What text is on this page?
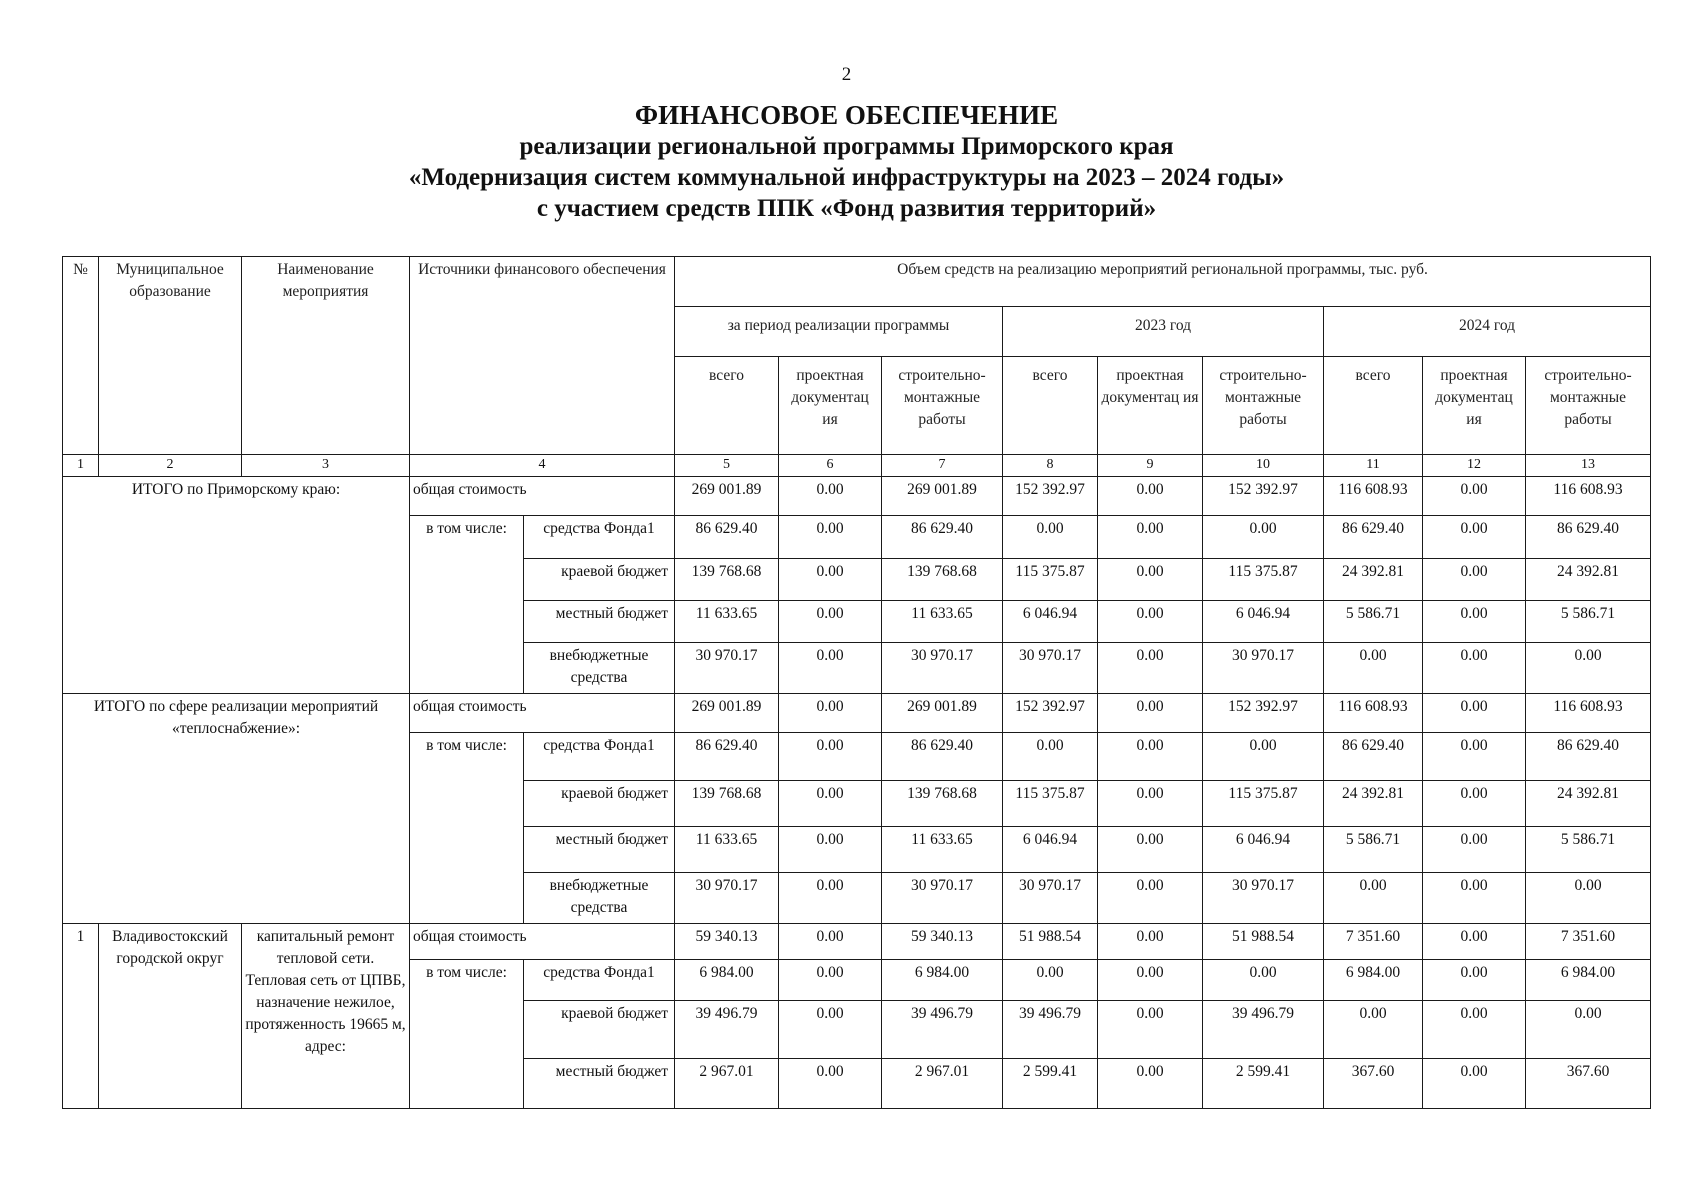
2
ФИНАНСОВОЕ ОБЕСПЕЧЕНИЕ
реализации региональной программы Приморского края
«Модернизация систем коммунальной инфраструктуры на 2023 – 2024 годы»
с участием средств ППК «Фонд развития территорий»
№	Муниципальное образование	Наименование мероприятия	Источники финансового обеспечения		Объем средств на реализацию мероприятий региональной программы, тыс. руб.								
					за период реализации программы			2023 год			2024 год		
					всего	проектная документац ия	строительно-монтажные работы	всего	проектная документац ия	строительно-монтажные работы	всего	проектная документац ия	строительно-монтажные работы
1	2	3	4		5	6	7	8	9	10	11	12	13
ИТОГО по Приморскому краю:			общая стоимость		269 001.89	0.00	269 001.89	152 392.97	0.00	152 392.97	116 608.93	0.00	116 608.93
			в том числе:	средства Фонда1	86 629.40	0.00	86 629.40	0.00	0.00	0.00	86 629.40	0.00	86 629.40
				краевой бюджет	139 768.68	0.00	139 768.68	115 375.87	0.00	115 375.87	24 392.81	0.00	24 392.81
				местный бюджет	11 633.65	0.00	11 633.65	6 046.94	0.00	6 046.94	5 586.71	0.00	5 586.71
				внебюджетные средства	30 970.17	0.00	30 970.17	30 970.17	0.00	30 970.17	0.00	0.00	0.00
ИТОГО по сфере реализации мероприятий «теплоснабжение»:			общая стоимость		269 001.89	0.00	269 001.89	152 392.97	0.00	152 392.97	116 608.93	0.00	116 608.93
			в том числе:	средства Фонда1	86 629.40	0.00	86 629.40	0.00	0.00	0.00	86 629.40	0.00	86 629.40
				краевой бюджет	139 768.68	0.00	139 768.68	115 375.87	0.00	115 375.87	24 392.81	0.00	24 392.81
				местный бюджет	11 633.65	0.00	11 633.65	6 046.94	0.00	6 046.94	5 586.71	0.00	5 586.71
				внебюджетные средства	30 970.17	0.00	30 970.17	30 970.17	0.00	30 970.17	0.00	0.00	0.00
1	Владивостокский городской округ	капитальный ремонт тепловой сети. Тепловая сеть от ЦПВБ, назначение нежилое, протяженность 19665 м, адрес:	общая стоимость		59 340.13	0.00	59 340.13	51 988.54	0.00	51 988.54	7 351.60	0.00	7 351.60
			в том числе:	средства Фонда1	6 984.00	0.00	6 984.00	0.00	0.00	0.00	6 984.00	0.00	6 984.00
				краевой бюджет	39 496.79	0.00	39 496.79	39 496.79	0.00	39 496.79	0.00	0.00	0.00
				местный бюджет	2 967.01	0.00	2 967.01	2 599.41	0.00	2 599.41	367.60	0.00	367.60
